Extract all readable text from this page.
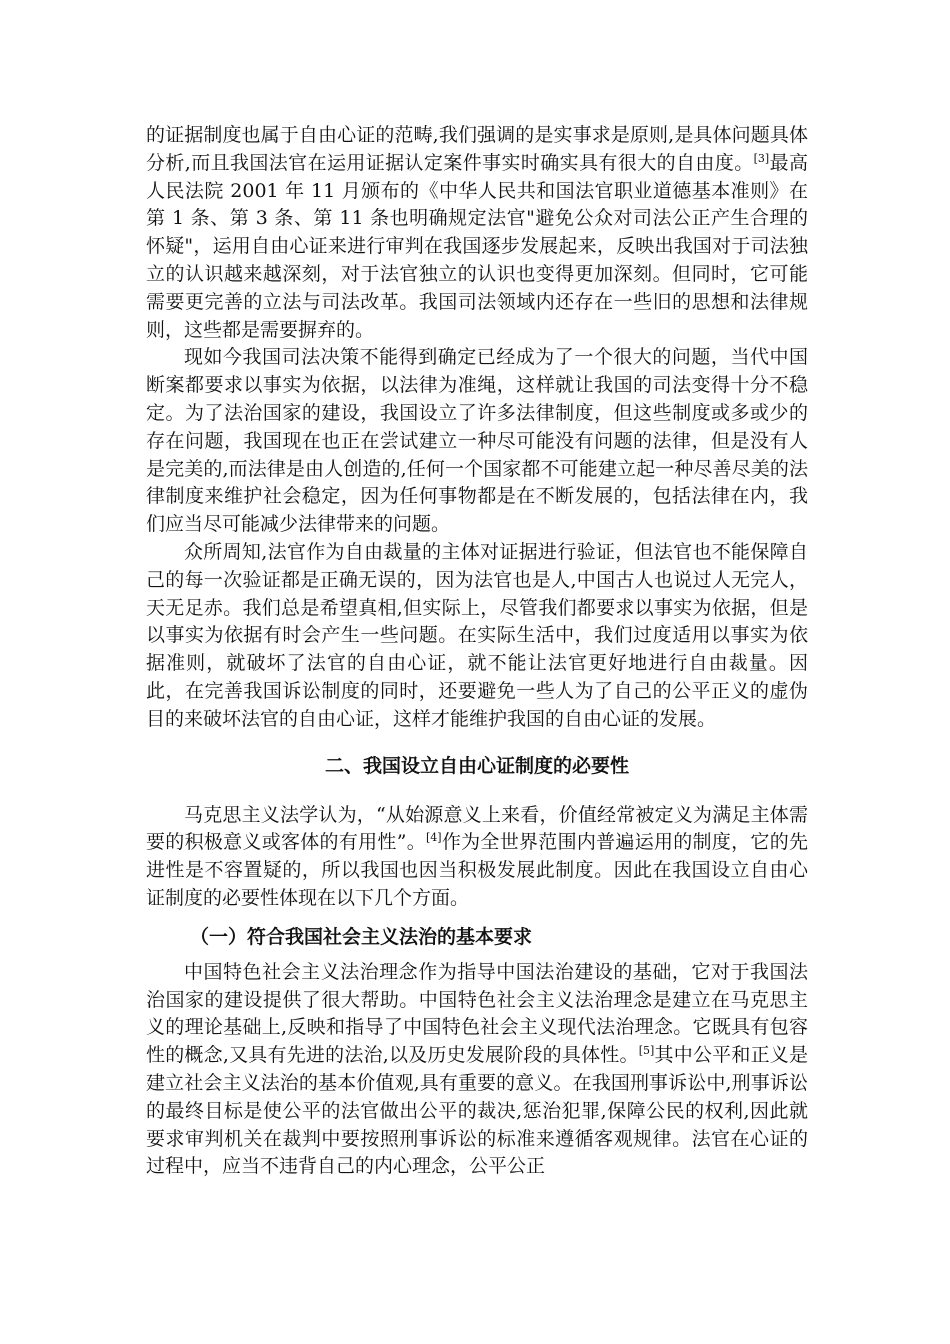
的证据制度也属于自由心证的范畴,我们强调的是实事求是原则,是具体问题具体分析,而且我国法官在运用证据认定案件事实时确实具有很大的自由度。[3]最高人民法院 2001 年 11 月颁布的《中华人民共和国法官职业道德基本准则》在第 1 条、第 3 条、第 11 条也明确规定法官"避免公众对司法公正产生合理的怀疑"，运用自由心证来进行审判在我国逐步发展起来，反映出我国对于司法独立的认识越来越深刻，对于法官独立的认识也变得更加深刻。但同时，它可能需要更完善的立法与司法改革。我国司法领域内还存在一些旧的思想和法律规则，这些都是需要摒弃的。

现如今我国司法决策不能得到确定已经成为了一个很大的问题，当代中国断案都要求以事实为依据，以法律为准绳，这样就让我国的司法变得十分不稳定。为了法治国家的建设，我国设立了许多法律制度，但这些制度或多或少的存在问题，我国现在也正在尝试建立一种尽可能没有问题的法律，但是没有人是完美的,而法律是由人创造的,任何一个国家都不可能建立起一种尽善尽美的法律制度来维护社会稳定，因为任何事物都是在不断发展的，包括法律在内，我们应当尽可能减少法律带来的问题。

众所周知,法官作为自由裁量的主体对证据进行验证，但法官也不能保障自己的每一次验证都是正确无误的，因为法官也是人,中国古人也说过人无完人，天无足赤。我们总是希望真相,但实际上，尽管我们都要求以事实为依据，但是以事实为依据有时会产生一些问题。在实际生活中，我们过度适用以事实为依据准则，就破坏了法官的自由心证，就不能让法官更好地进行自由裁量。因此，在完善我国诉讼制度的同时，还要避免一些人为了自己的公平正义的虚伪目的来破坏法官的自由心证，这样才能维护我国的自由心证的发展。

二、我国设立自由心证制度的必要性

马克思主义法学认为，“从始源意义上来看，价值经常被定义为满足主体需要的积极意义或客体的有用性”。[4]作为全世界范围内普遍运用的制度，它的先进性是不容置疑的，所以我国也因当积极发展此制度。因此在我国设立自由心证制度的必要性体现在以下几个方面。

（一）符合我国社会主义法治的基本要求

中国特色社会主义法治理念作为指导中国法治建设的基础，它对于我国法治国家的建设提供了很大帮助。中国特色社会主义法治理念是建立在马克思主义的理论基础上,反映和指导了中国特色社会主义现代法治理念。它既具有包容性的概念,又具有先进的法治,以及历史发展阶段的具体性。[5]其中公平和正义是建立社会主义法治的基本价值观,具有重要的意义。在我国刑事诉讼中,刑事诉讼的最终目标是使公平的法官做出公平的裁决,惩治犯罪,保障公民的权利,因此就要求审判机关在裁判中要按照刑事诉讼的标准来遵循客观规律。法官在心证的过程中，应当不违背自己的内心理念，公平公正
